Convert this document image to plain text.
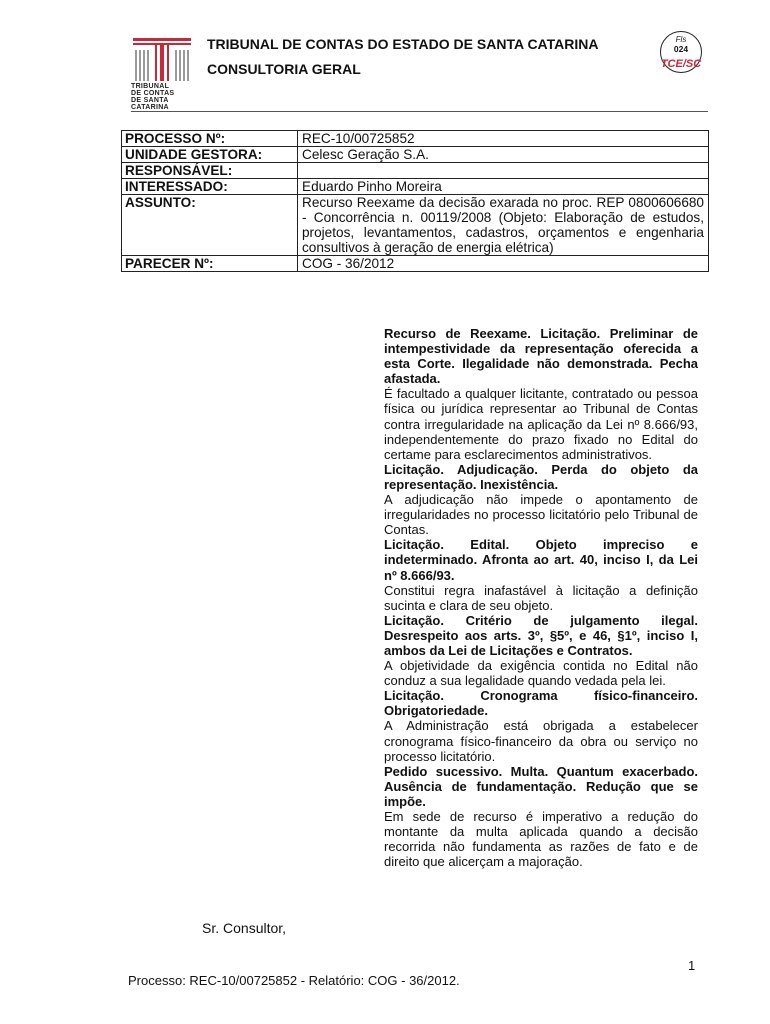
TRIBUNAL
DE CONTAS
DE SANTA
CATARINA
TRIBUNAL DE CONTAS DO ESTADO DE SANTA CATARINA
CONSULTORIA GERAL
Fls
024
TCE/SC
PROCESSO Nº:	REC-10/00725852
UNIDADE GESTORA:	Celesc Geração S.A.
RESPONSÁVEL:	
INTERESSADO:	Eduardo Pinho Moreira
ASSUNTO:	Recurso Reexame da decisão exarada no proc. REP 0800606680 - Concorrência n. 00119/2008 (Objeto: Elaboração de estudos, projetos, levantamentos, cadastros, orçamentos e engenharia consultivos à geração de energia elétrica)
PARECER Nº:	COG - 36/2012

Recurso de Reexame. Licitação. Preliminar de intempestividade da representação oferecida a esta Corte. Ilegalidade não demonstrada. Pecha afastada.

É facultado a qualquer licitante, contratado ou pessoa física ou jurídica representar ao Tribunal de Contas contra irregularidade na aplicação da Lei nº 8.666/93, independentemente do prazo fixado no Edital do certame para esclarecimentos administrativos.

Licitação. Adjudicação. Perda do objeto da representação. Inexistência.

A adjudicação não impede o apontamento de irregularidades no processo licitatório pelo Tribunal de Contas.

Licitação. Edital. Objeto impreciso e indeterminado. Afronta ao art. 40, inciso I, da Lei nº 8.666/93.

Constitui regra inafastável à licitação a definição sucinta e clara de seu objeto.

Licitação. Critério de julgamento ilegal. Desrespeito aos arts. 3º, §5º, e 46, §1º, inciso I, ambos da Lei de Licitações e Contratos.

A objetividade da exigência contida no Edital não conduz a sua legalidade quando vedada pela lei.

Licitação. Cronograma físico-financeiro. Obrigatoriedade.

A Administração está obrigada a estabelecer cronograma físico-financeiro da obra ou serviço no processo licitatório.

Pedido sucessivo. Multa. Quantum exacerbado. Ausência de fundamentação. Redução que se impõe.

Em sede de recurso é imperativo a redução do montante da multa aplicada quando a decisão recorrida não fundamenta as razões de fato e de direito que alicerçam a majoração.

Sr. Consultor,
1
Processo: REC-10/00725852 - Relatório: COG - 36/2012.
